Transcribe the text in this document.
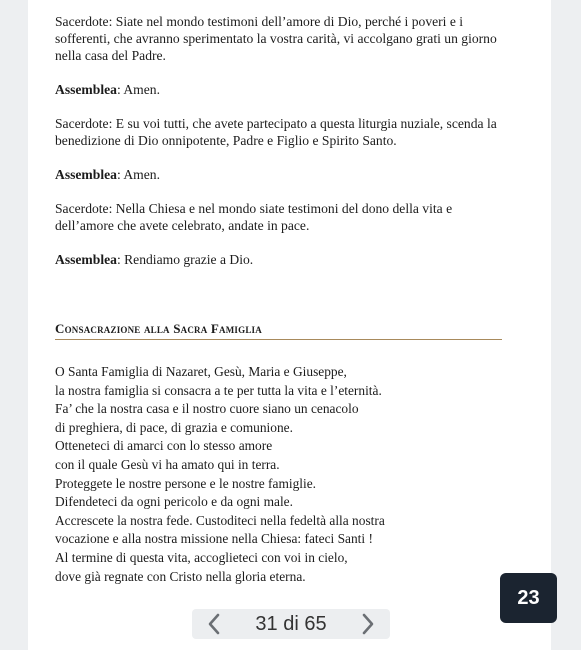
Sacerdote: Siate nel mondo testimoni dell’amore di Dio, perché i poveri e i sofferenti, che avranno sperimentato la vostra carità, vi accolgano grati un giorno nella casa del Padre.

Assemblea: Amen.

Sacerdote: E su voi tutti, che avete partecipato a questa liturgia nuziale, scenda la benedizione di Dio onnipotente, Padre e Figlio e Spirito Santo.

Assemblea: Amen.

Sacerdote: Nella Chiesa e nel mondo siate testimoni del dono della vita e dell’amore che avete celebrato, andate in pace.

Assemblea: Rendiamo grazie a Dio.

Consacrazione alla Sacra Famiglia
O Santa Famiglia di Nazaret, Gesù, Maria e Giuseppe,
la nostra famiglia si consacra a te per tutta la vita e l’eternità.
Fa’ che la nostra casa e il nostro cuore siano un cenacolo
di preghiera, di pace, di grazia e comunione.
Otteneteci di amarci con lo stesso amore
con il quale Gesù vi ha amato qui in terra.
Proteggete le nostre persone e le nostre famiglie.
Difendeteci da ogni pericolo e da ogni male.
Accrescete la nostra fede. Custoditeci nella fedeltà alla nostra
vocazione e alla nostra missione nella Chiesa: fateci Santi !
Al termine di questa vita, accoglieteci con voi in cielo,
dove già regnate con Cristo nella gloria eterna.
31 di 65
23
